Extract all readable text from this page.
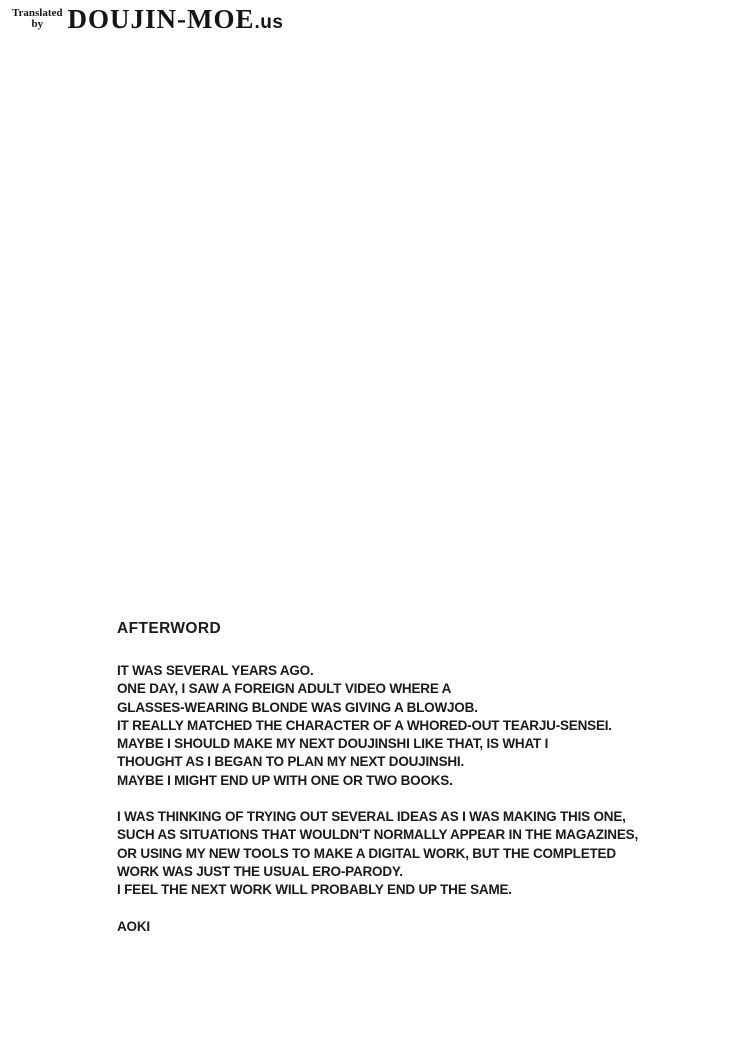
Translated
by DOUJIN-MOE .us
AFTERWORD
IT WAS SEVERAL YEARS AGO.
ONE DAY, I SAW A FOREIGN ADULT VIDEO WHERE A
GLASSES-WEARING BLONDE WAS GIVING A BLOWJOB.
IT REALLY MATCHED THE CHARACTER OF A WHORED-OUT TEARJU-SENSEI.
MAYBE I SHOULD MAKE MY NEXT DOUJINSHI LIKE THAT, IS WHAT I
THOUGHT AS I BEGAN TO PLAN MY NEXT DOUJINSHI.
MAYBE I MIGHT END UP WITH ONE OR TWO BOOKS.
I WAS THINKING OF TRYING OUT SEVERAL IDEAS AS I WAS MAKING THIS ONE,
SUCH AS SITUATIONS THAT WOULDN'T NORMALLY APPEAR IN THE MAGAZINES,
OR USING MY NEW TOOLS TO MAKE A DIGITAL WORK, BUT THE COMPLETED
WORK WAS JUST THE USUAL ERO-PARODY.
I FEEL THE NEXT WORK WILL PROBABLY END UP THE SAME.
AOKI
